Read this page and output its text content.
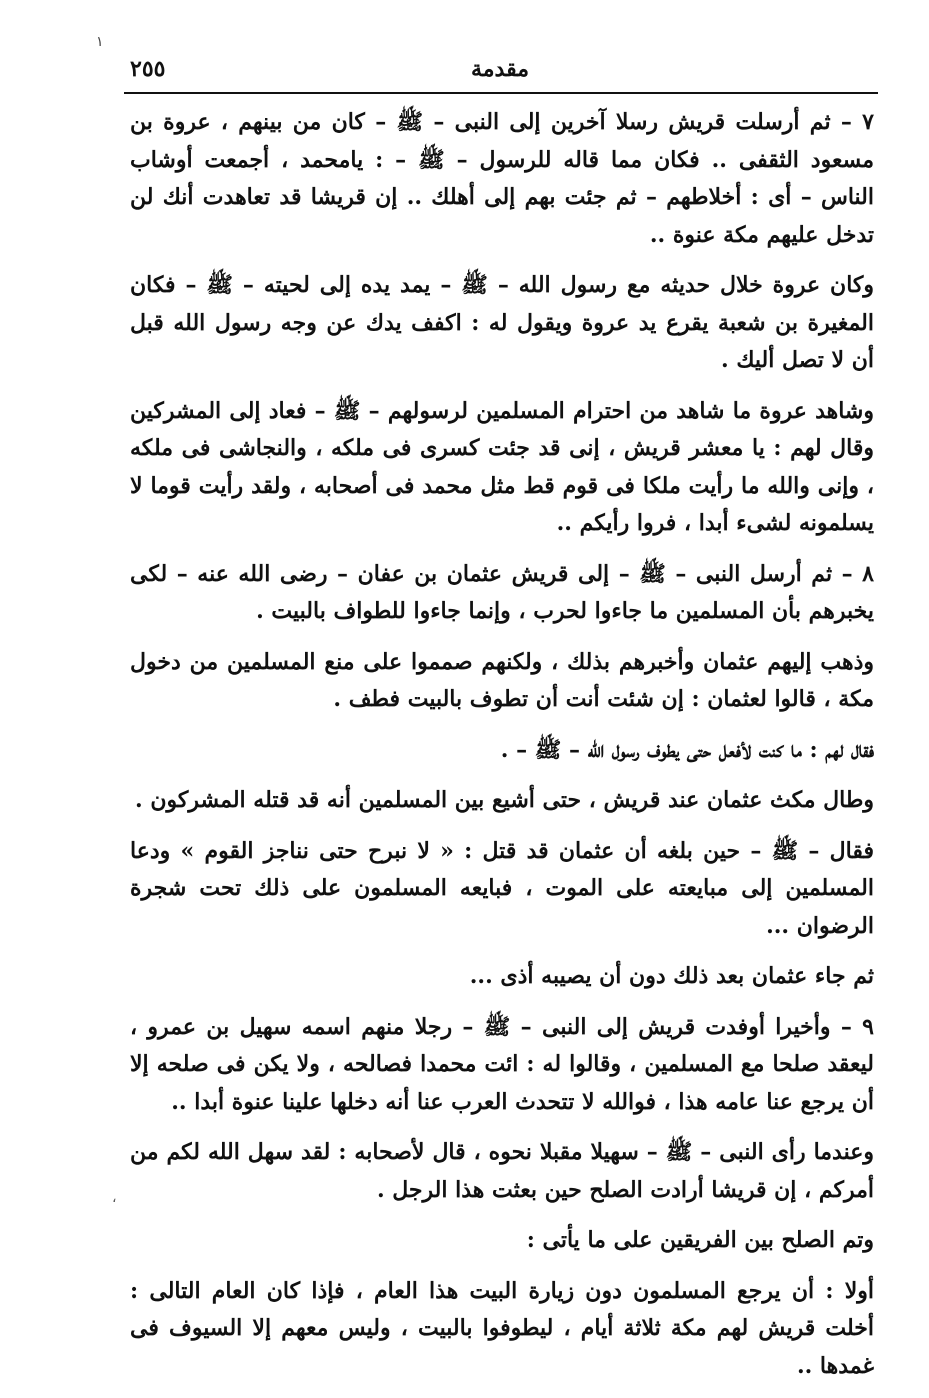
۱
٢٥٥	مقدمة

٧ – ثم أرسلت قريش رسلا آخرين إلى النبى – ﷺ – كان من بينهم ، عروة بن مسعود الثقفى .. فكان مما قاله للرسول – ﷺ – : يامحمد ، أجمعت أوشاب الناس – أى : أخلاطهم – ثم جئت بهم إلى أهلك .. إن قريشا قد تعاهدت أنك لن تدخل عليهم مكة عنوة ..

وكان عروة خلال حديثه مع رسول الله – ﷺ – يمد يده إلى لحيته – ﷺ – فكان المغيرة بن شعبة يقرع يد عروة ويقول له : اكفف يدك عن وجه رسول الله قبل أن لا تصل أليك .

وشاهد عروة ما شاهد من احترام المسلمين لرسولهم – ﷺ – فعاد إلى المشركين وقال لهم : يا معشر قريش ، إنى قد جئت كسرى فى ملكه ، والنجاشى فى ملكه ، وإنى والله ما رأيت ملكا فى قوم قط مثل محمد فى أصحابه ، ولقد رأيت قوما لا يسلمونه لشىء أبدا ، فروا رأيكم ..

٨ – ثم أرسل النبى – ﷺ – إلى قريش عثمان بن عفان – رضى الله عنه – لكى يخبرهم بأن المسلمين ما جاءوا لحرب ، وإنما جاءوا للطواف بالبيت .

وذهب إليهم عثمان وأخبرهم بذلك ، ولكنهم صمموا على منع المسلمين من دخول مكة ، قالوا لعثمان : إن شئت أنت أن تطوف بالبيت فطف .

فقال لهم : ما كنت لأفعل حتى يطوف رسول الله – ﷺ – .

وطال مكث عثمان عند قريش ، حتى أشيع بين المسلمين أنه قد قتله المشركون .

فقال – ﷺ – حين بلغه أن عثمان قد قتل : « لا نبرح حتى نناجز القوم » ودعا المسلمين إلى مبايعته على الموت ، فبايعه المسلمون على ذلك تحت شجرة الرضوان ...

ثم جاء عثمان بعد ذلك دون أن يصيبه أذى ...

٩ – وأخيرا أوفدت قريش إلى النبى – ﷺ – رجلا منهم اسمه سهيل بن عمرو ، ليعقد صلحا مع المسلمين ، وقالوا له : ائت محمدا فصالحه ، ولا يكن فى صلحه إلا أن يرجع عنا عامه هذا ، فوالله لا تتحدث العرب عنا أنه دخلها علينا عنوة أبدا ..

وعندما رأى النبى – ﷺ – سهيلا مقبلا نحوه ، قال لأصحابه : لقد سهل الله لكم من أمركم ، إن قريشا أرادت الصلح حين بعثت هذا الرجل .

وتم الصلح بين الفريقين على ما يأتى :

أولا : أن يرجع المسلمون دون زيارة البيت هذا العام ، فإذا كان العام التالى : أخلت قريش لهم مكة ثلاثة أيام ، ليطوفوا بالبيت ، وليس معهم إلا السيوف فى غمدها ..

،
